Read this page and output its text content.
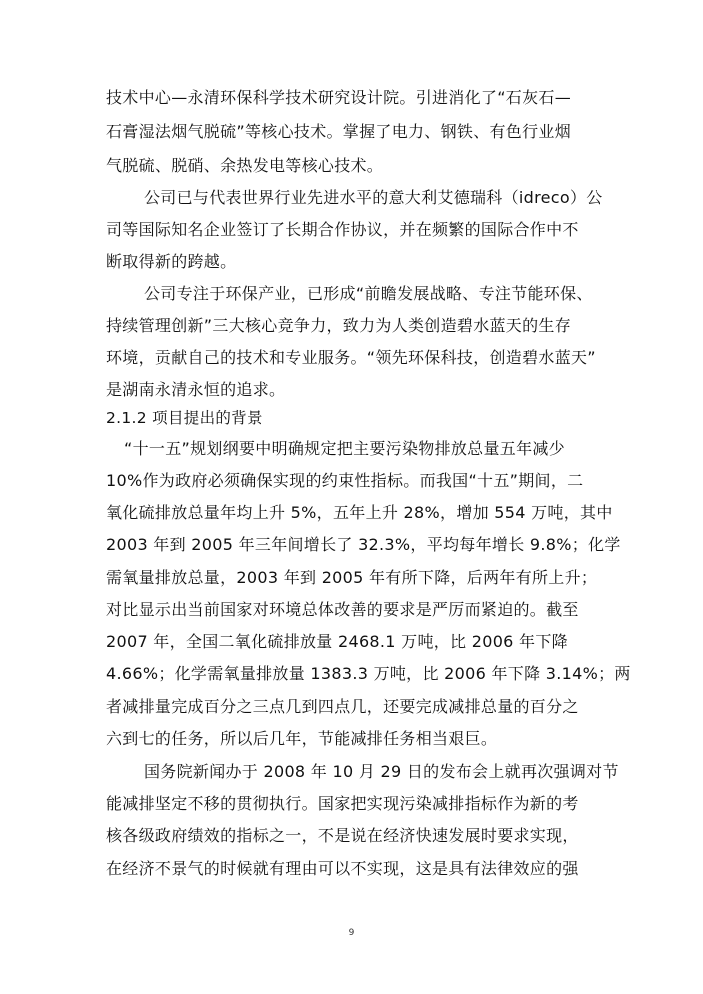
技术中心—永清环保科学技术研究设计院。引进消化了“石灰石—
石膏湿法烟气脱硫”等核心技术。掌握了电力、钢铁、有色行业烟
气脱硫、脱硝、余热发电等核心技术。
公司已与代表世界行业先进水平的意大利艾德瑞科（idreco）公
司等国际知名企业签订了长期合作协议，并在频繁的国际合作中不
断取得新的跨越。
公司专注于环保产业，已形成“前瞻发展战略、专注节能环保、
持续管理创新”三大核心竞争力，致力为人类创造碧水蓝天的生存
环境，贡献自己的技术和专业服务。“领先环保科技，创造碧水蓝天”
是湖南永清永恒的追求。
2.1.2 项目提出的背景
“十一五”规划纲要中明确规定把主要污染物排放总量五年减少
10%作为政府必须确保实现的约束性指标。而我国“十五”期间，二
氧化硫排放总量年均上升 5%，五年上升 28%，增加 554 万吨，其中
2003 年到 2005 年三年间增长了 32.3%，平均每年增长 9.8%；化学
需氧量排放总量，2003 年到 2005 年有所下降，后两年有所上升；
对比显示出当前国家对环境总体改善的要求是严厉而紧迫的。截至
2007 年，全国二氧化硫排放量 2468.1 万吨，比 2006 年下降
4.66%；化学需氧量排放量 1383.3 万吨，比 2006 年下降 3.14%；两
者减排量完成百分之三点几到四点几，还要完成减排总量的百分之
六到七的任务，所以后几年，节能减排任务相当艰巨。
国务院新闻办于 2008 年 10 月 29 日的发布会上就再次强调对节
能减排坚定不移的贯彻执行。国家把实现污染减排指标作为新的考
核各级政府绩效的指标之一，不是说在经济快速发展时要求实现，
在经济不景气的时候就有理由可以不实现，这是具有法律效应的强
9
